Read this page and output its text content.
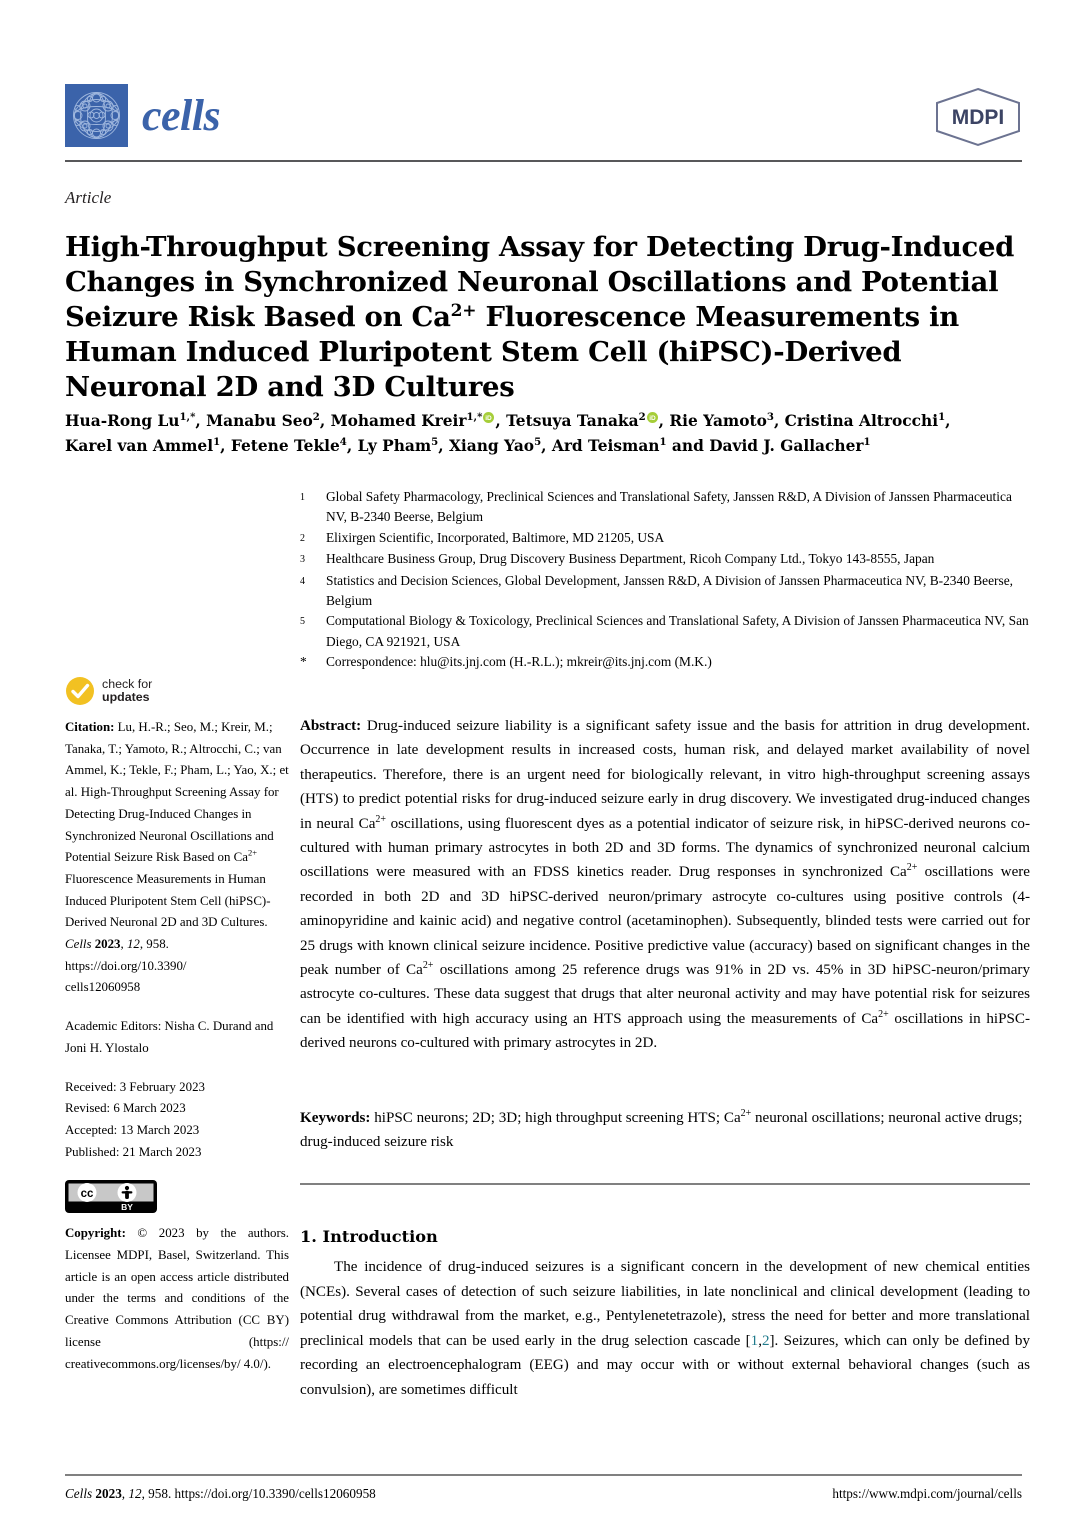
cells	MDPI
Article
High-Throughput Screening Assay for Detecting Drug-Induced
Changes in Synchronized Neuronal Oscillations and Potential
Seizure Risk Based on $Ca^{2+}$ Fluorescence Measurements in
Human Induced Pluripotent Stem Cell (hiPSC)-Derived
Neuronal 2D and 3D Cultures
Hua-Rong $Lu^{1,*}$, Manabu Seo$^2$, Mohamed Kreir$^{1,*}$ iD , Tetsuya Tanaka$^2$ iD , Rie Yamoto$^3$, Cristina Altrocchi$^1$,
Karel van Ammel$^1$, Fetene Tekle$^4$, Ly Pham$^5$, Xiang Yao$^5$, Ard Teisman$^1$ and David J. Gallacher$^1$
1	Global Safety Pharmacology, Preclinical Sciences and Translational Safety, Janssen R&D, A Division of Janssen Pharmaceutica NV, B-2340 Beerse, Belgium
2	Elixirgen Scientific, Incorporated, Baltimore, MD 21205, USA
3	Healthcare Business Group, Drug Discovery Business Department, Ricoh Company Ltd., Tokyo 143-8555, Japan
4	Statistics and Decision Sciences, Global Development, Janssen R&D, A Division of Janssen Pharmaceutica NV, B-2340 Beerse, Belgium
5	Computational Biology & Toxicology, Preclinical Sciences and Translational Safety, A Division of Janssen Pharmaceutica NV, San Diego, CA 921921, USA
*	Correspondence: hlu@its.jnj.com (H.-R.L.); mkreir@its.jnj.com (M.K.)
check for
updates
Citation: Lu, H.-R.; Seo, M.; Kreir, M.; Tanaka, T.; Yamoto, R.; Altrocchi, C.; van Ammel, K.; Tekle, F.; Pham, L.; Yao, X.; et al. High-Throughput Screening Assay for Detecting Drug-Induced Changes in Synchronized Neuronal Oscillations and Potential Seizure Risk Based on $Ca^{2+}$ Fluorescence Measurements in Human Induced Pluripotent Stem Cell (hiPSC)-Derived Neuronal 2D and 3D Cultures. Cells 2023, 12, 958.
https://doi.org/10.3390/
cells12060958
Academic Editors: Nisha C. Durand and Joni H. Ylostalo
Received: 3 February 2023
Revised: 6 March 2023
Accepted: 13 March 2023
Published: 21 March 2023
cc
BY
Copyright: © 2023 by the authors. Licensee MDPI, Basel, Switzerland. This article is an open access article distributed under the terms and conditions of the Creative Commons Attribution (CC BY) license (https:// creativecommons.org/licenses/by/ 4.0/).
Abstract: Drug-induced seizure liability is a significant safety issue and the basis for attrition in drug development. Occurrence in late development results in increased costs, human risk, and delayed market availability of novel therapeutics. Therefore, there is an urgent need for biologically relevant, in vitro high-throughput screening assays (HTS) to predict potential risks for drug-induced seizure early in drug discovery. We investigated drug-induced changes in neural $Ca^{2+}$ oscillations, using fluorescent dyes as a potential indicator of seizure risk, in hiPSC-derived neurons co-cultured with human primary astrocytes in both 2D and 3D forms. The dynamics of synchronized neuronal calcium oscillations were measured with an FDSS kinetics reader. Drug responses in synchronized $Ca^{2+}$ oscillations were recorded in both 2D and 3D hiPSC-derived neuron/primary astrocyte co-cultures using positive controls (4-aminopyridine and kainic acid) and negative control (acetaminophen). Subsequently, blinded tests were carried out for 25 drugs with known clinical seizure incidence. Positive predictive value (accuracy) based on significant changes in the peak number of $Ca^{2+}$ oscillations among 25 reference drugs was 91% in 2D vs. 45% in 3D hiPSC-neuron/primary astrocyte co-cultures. These data suggest that drugs that alter neuronal activity and may have potential risk for seizures can be identified with high accuracy using an HTS approach using the measurements of $Ca^{2+}$ oscillations in hiPSC-derived neurons co-cultured with primary astrocytes in 2D.
Keywords: hiPSC neurons; 2D; 3D; high throughput screening HTS; $Ca^{2+}$ neuronal oscillations; neuronal active drugs; drug-induced seizure risk
1. Introduction
The incidence of drug-induced seizures is a significant concern in the development of new chemical entities (NCEs). Several cases of detection of such seizure liabilities, in late nonclinical and clinical development (leading to potential drug withdrawal from the market, e.g., Pentylenetetrazole), stress the need for better and more translational preclinical models that can be used early in the drug selection cascade [1,2]. Seizures, which can only be defined by recording an electroencephalogram (EEG) and may occur with or without external behavioral changes (such as convulsion), are sometimes difficult
Cells 2023, 12, 958. https://doi.org/10.3390/cells12060958	https://www.mdpi.com/journal/cells
